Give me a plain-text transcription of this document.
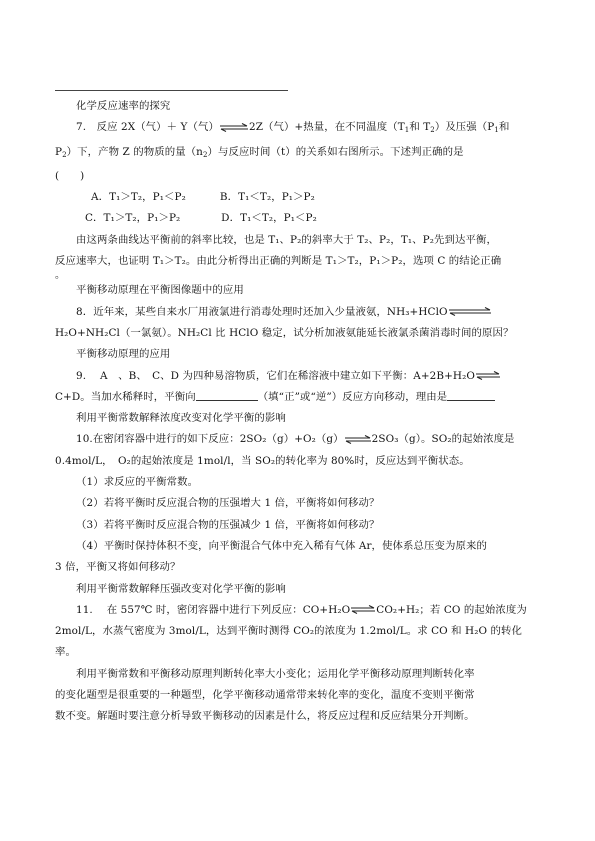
化学反应速率的探究

7.　反应 2X（气）＋ Y（气）⇌2Z（气）+热量，在不同温度（T1和 T2）及压强（P1和

P2）下，产物 Z 的物质的量（n2）与反应时间（t）的关系如右图所示。下述判正确的是

(　　)

A．T₁＞T₂，P₁＜P₂	B．T₁＜T₂，P₁＞P₂

C．T₁＞T₂，P₁＞P₂	D．T₁＜T₂，P₁＜P₂

由这两条曲线达平衡前的斜率比较，也是 T₁、P₂的斜率大于 T₂、P₂，T₁、P₂先到达平衡，

反应速率大，也证明 T₁＞T₂。由此分析得出正确的判断是 T₁＞T₂，P₁＞P₂，选项 C 的结论正确

。

平衡移动原理在平衡图像题中的应用

8．近年来，某些自来水厂用液氯进行消毒处理时还加入少量液氨，NH₃+HClO

H₂O+NH₂Cl（一氯氨）。NH₂Cl 比 HClO 稳定，试分析加液氨能延长液氯杀菌消毒时间的原因？

平衡移动原理的应用

9.　 A　、B、　C、D 为四种易溶物质，它们在稀溶液中建立如下平衡：A+2B+H₂O⇌

C+D。当加水稀释时，平衡向	（填“正”或“逆”）反应方向移动，理由是

利用平衡常数解释浓度改变对化学平衡的影响

10.在密闭容器中进行的如下反应：2SO₂（g）+O₂（g）⇌2SO₃（g）。SO₂的起始浓度是

0.4mol/L，　O₂的起始浓度是 1mol/l，当 SO₂的转化率为 80%时，反应达到平衡状态。

（1）求反应的平衡常数。

（2）若将平衡时反应混合物的压强增大 1 倍，平衡将如何移动？

（3）若将平衡时反应混合物的压强减少 1 倍，平衡将如何移动？

（4）平衡时保持体积不变，向平衡混合气体中充入稀有气体 Ar，使体系总压变为原来的

3 倍，平衡又将如何移动？

利用平衡常数解释压强改变对化学平衡的影响

11.　 在 557℃ 时，密闭容器中进行下列反应：CO+H₂O⇌CO₂+H₂；若 CO 的起始浓度为

2mol/L，水蒸气密度为 3mol/L，达到平衡时测得 CO₂的浓度为 1.2mol/L。求 CO 和 H₂O 的转化

率。

利用平衡常数和平衡移动原理判断转化率大小变化；运用化学平衡移动原理判断转化率

的变化题型是很重要的一种题型，化学平衡移动通常带来转化率的变化，温度不变则平衡常

数不变。解题时要注意分析导致平衡移动的因素是什么，将反应过程和反应结果分开判断。
